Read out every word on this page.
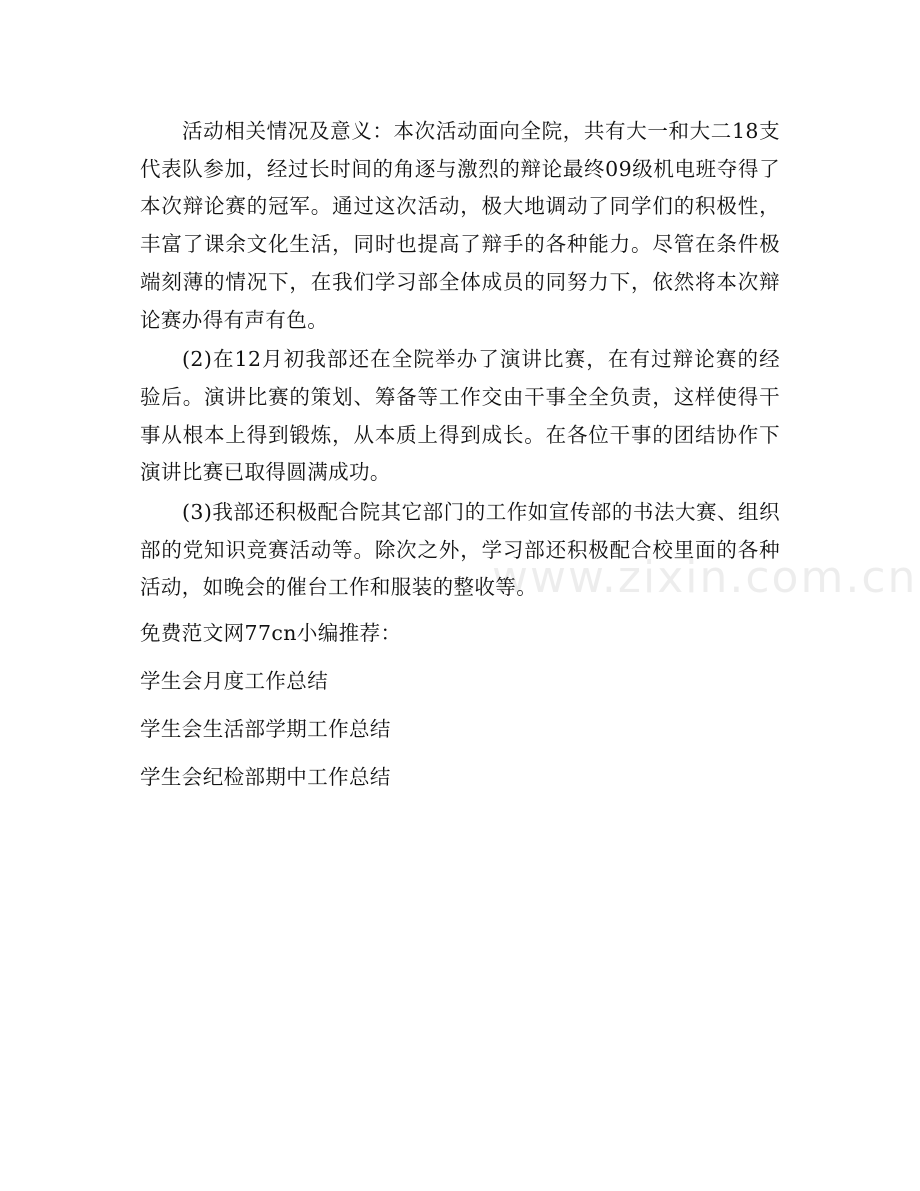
活动相关情况及意义：本次活动面向全院，共有大一和大二18支代表队参加，经过长时间的角逐与激烈的辩论最终09级机电班夺得了本次辩论赛的冠军。通过这次活动，极大地调动了同学们的积极性，丰富了课余文化生活，同时也提高了辩手的各种能力。尽管在条件极端刻薄的情况下，在我们学习部全体成员的同努力下，依然将本次辩论赛办得有声有色。

(2)在12月初我部还在全院举办了演讲比赛，在有过辩论赛的经验后。演讲比赛的策划、筹备等工作交由干事全全负责，这样使得干事从根本上得到锻炼，从本质上得到成长。在各位干事的团结协作下演讲比赛已取得圆满成功。

(3)我部还积极配合院其它部门的工作如宣传部的书法大赛、组织部的党知识竞赛活动等。除次之外，学习部还积极配合校里面的各种活动，如晚会的催台工作和服装的整收等。

免费范文网77cn小编推荐：
学生会月度工作总结
学生会生活部学期工作总结
学生会纪检部期中工作总结
www.zixin.com.cn
